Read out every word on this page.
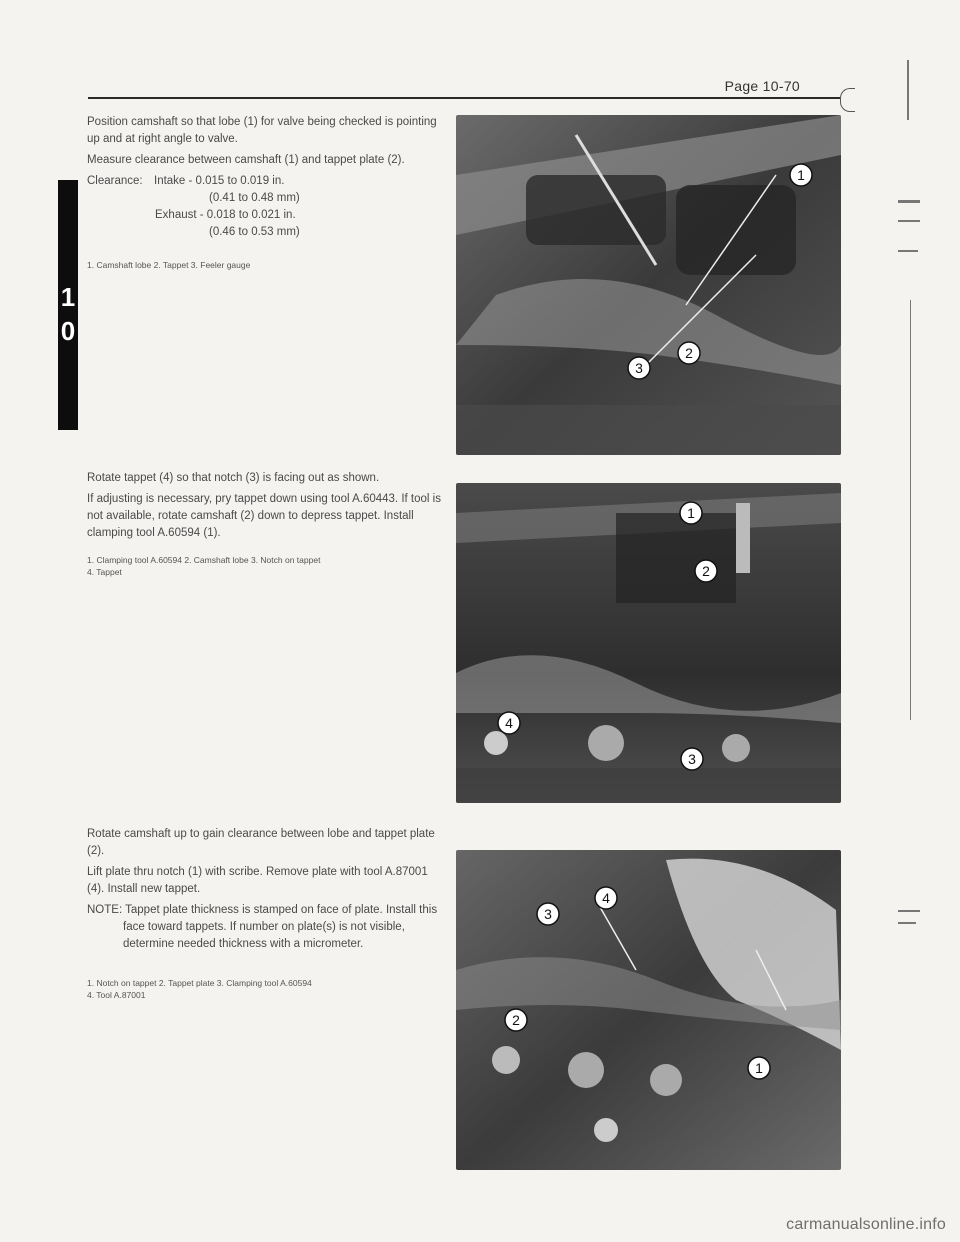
Page 10-70
1
0

Position camshaft so that lobe (1) for valve being checked is pointing up and at right angle to valve.

Measure clearance between camshaft (1) and tappet plate (2).

Clearance: Intake - 0.015 to 0.019 in.
(0.41 to 0.48 mm)
Exhaust - 0.018 to 0.021 in.
(0.46 to 0.53 mm)
1. Camshaft lobe 2. Tappet 3. Feeler gauge

Rotate tappet (4) so that notch (3) is facing out as shown.

If adjusting is necessary, pry tappet down using tool A.60443. If tool is not available, rotate camshaft (2) down to depress tappet. Install clamping tool A.60594 (1).

1. Clamping tool A.60594 2. Camshaft lobe 3. Notch on tappet
4. Tappet

Rotate camshaft up to gain clearance between lobe and tappet plate (2).

Lift plate thru notch (1) with scribe. Remove plate with tool A.87001 (4). Install new tappet.

NOTE: Tappet plate thickness is stamped on face of plate. Install this face toward tappets. If number on plate(s) is not visible, determine needed thickness with a micrometer.

1. Notch on tappet 2. Tappet plate 3. Clamping tool A.60594
4. Tool A.87001
1
3
2
1
2
4
3
3
4
2
1
carmanualsonline.info
